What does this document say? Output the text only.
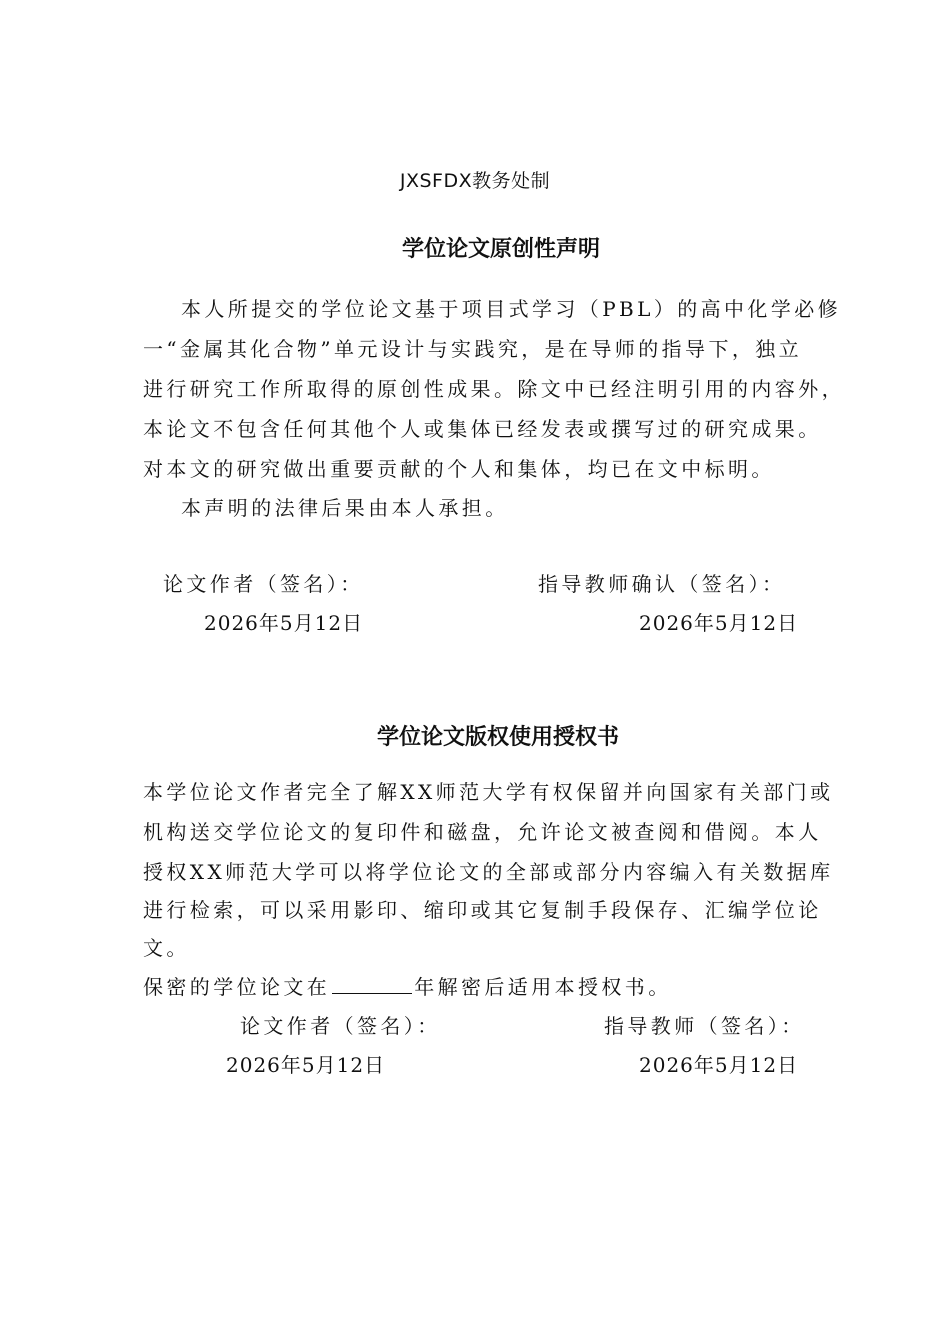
JXSFDX教务处制
学位论文原创性声明
本人所提交的学位论文基于项目式学习（PBL）的高中化学必修
一“金属其化合物”单元设计与实践究，是在导师的指导下，独立
进行研究工作所取得的原创性成果。除文中已经注明引用的内容外，
本论文不包含任何其他个人或集体已经发表或撰写过的研究成果。
对本文的研究做出重要贡献的个人和集体，均已在文中标明。
本声明的法律后果由本人承担。
论文作者（签名）：	指导教师确认（签名）：
2026年5月12日	2026年5月12日
学位论文版权使用授权书
本学位论文作者完全了解XX师范大学有权保留并向国家有关部门或
机构送交学位论文的复印件和磁盘，允许论文被查阅和借阅。本人
授权XX师范大学可以将学位论文的全部或部分内容编入有关数据库
进行检索，可以采用影印、缩印或其它复制手段保存、汇编学位论
文。
保密的学位论文在	年解密后适用本授权书。
论文作者（签名）：	指导教师（签名）：
2026年5月12日	2026年5月12日
